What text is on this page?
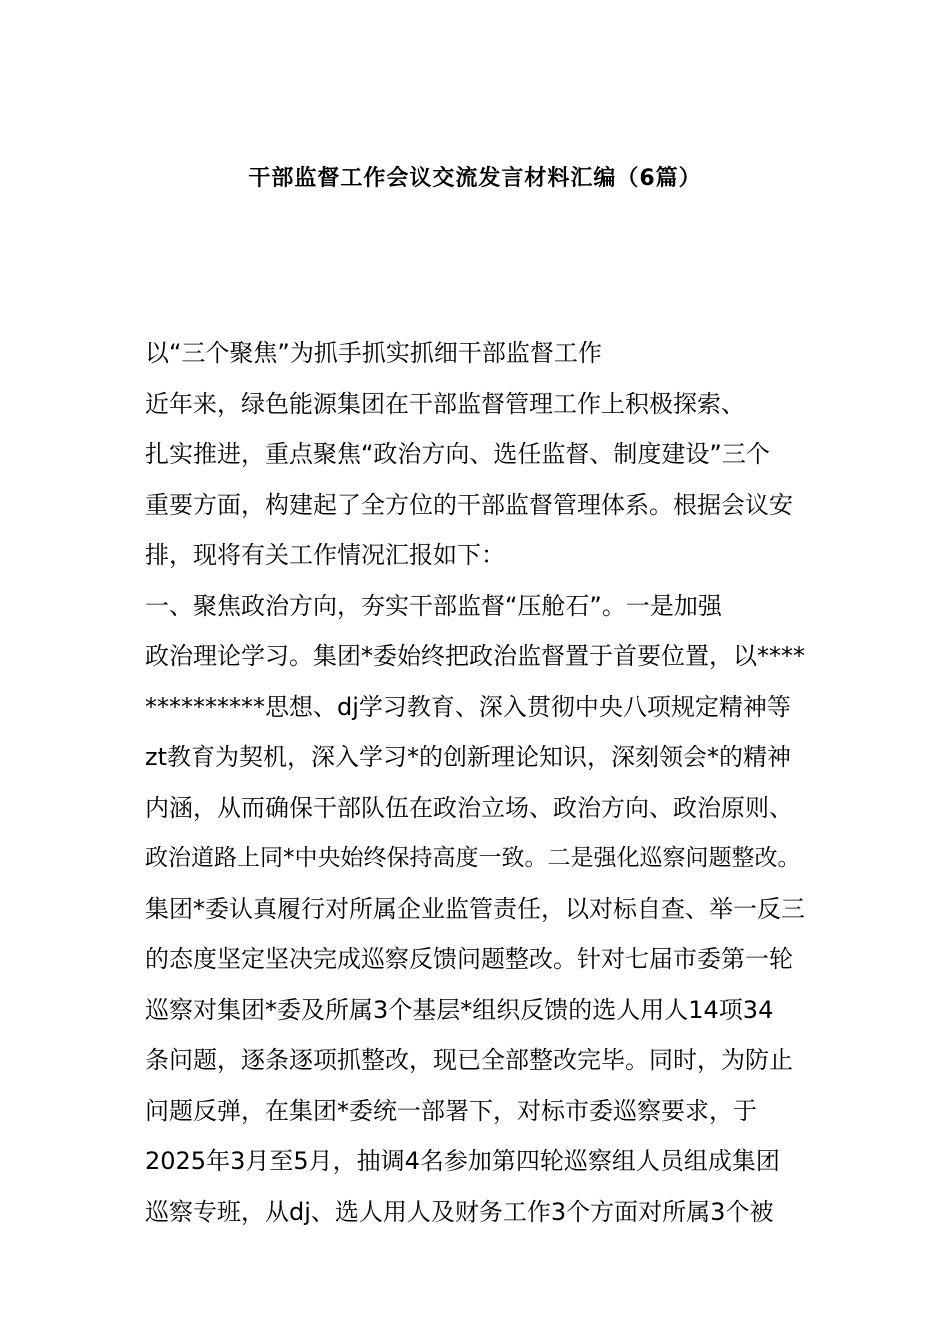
干部监督工作会议交流发言材料汇编（6篇）

以“三个聚焦”为抓手抓实抓细干部监督工作

近年来，绿色能源集团在干部监督管理工作上积极探索、

扎实推进，重点聚焦“政治方向、选任监督、制度建设”三个

重要方面，构建起了全方位的干部监督管理体系。根据会议安

排，现将有关工作情况汇报如下：

一、聚焦政治方向，夯实干部监督“压舱石”。一是加强

政治理论学习。集团*委始终把政治监督置于首要位置，以****

**********思想、dj学习教育、深入贯彻中央八项规定精神等

zt教育为契机，深入学习*的创新理论知识，深刻领会*的精神

内涵，从而确保干部队伍在政治立场、政治方向、政治原则、

政治道路上同*中央始终保持高度一致。二是强化巡察问题整改。

集团*委认真履行对所属企业监管责任，以对标自查、举一反三

的态度坚定坚决完成巡察反馈问题整改。针对七届市委第一轮

巡察对集团*委及所属3个基层*组织反馈的选人用人14项34

条问题，逐条逐项抓整改，现已全部整改完毕。同时，为防止

问题反弹，在集团*委统一部署下，对标市委巡察要求，于

2025年3月至5月，抽调4名参加第四轮巡察组人员组成集团

巡察专班，从dj、选人用人及财务工作3个方面对所属3个被
